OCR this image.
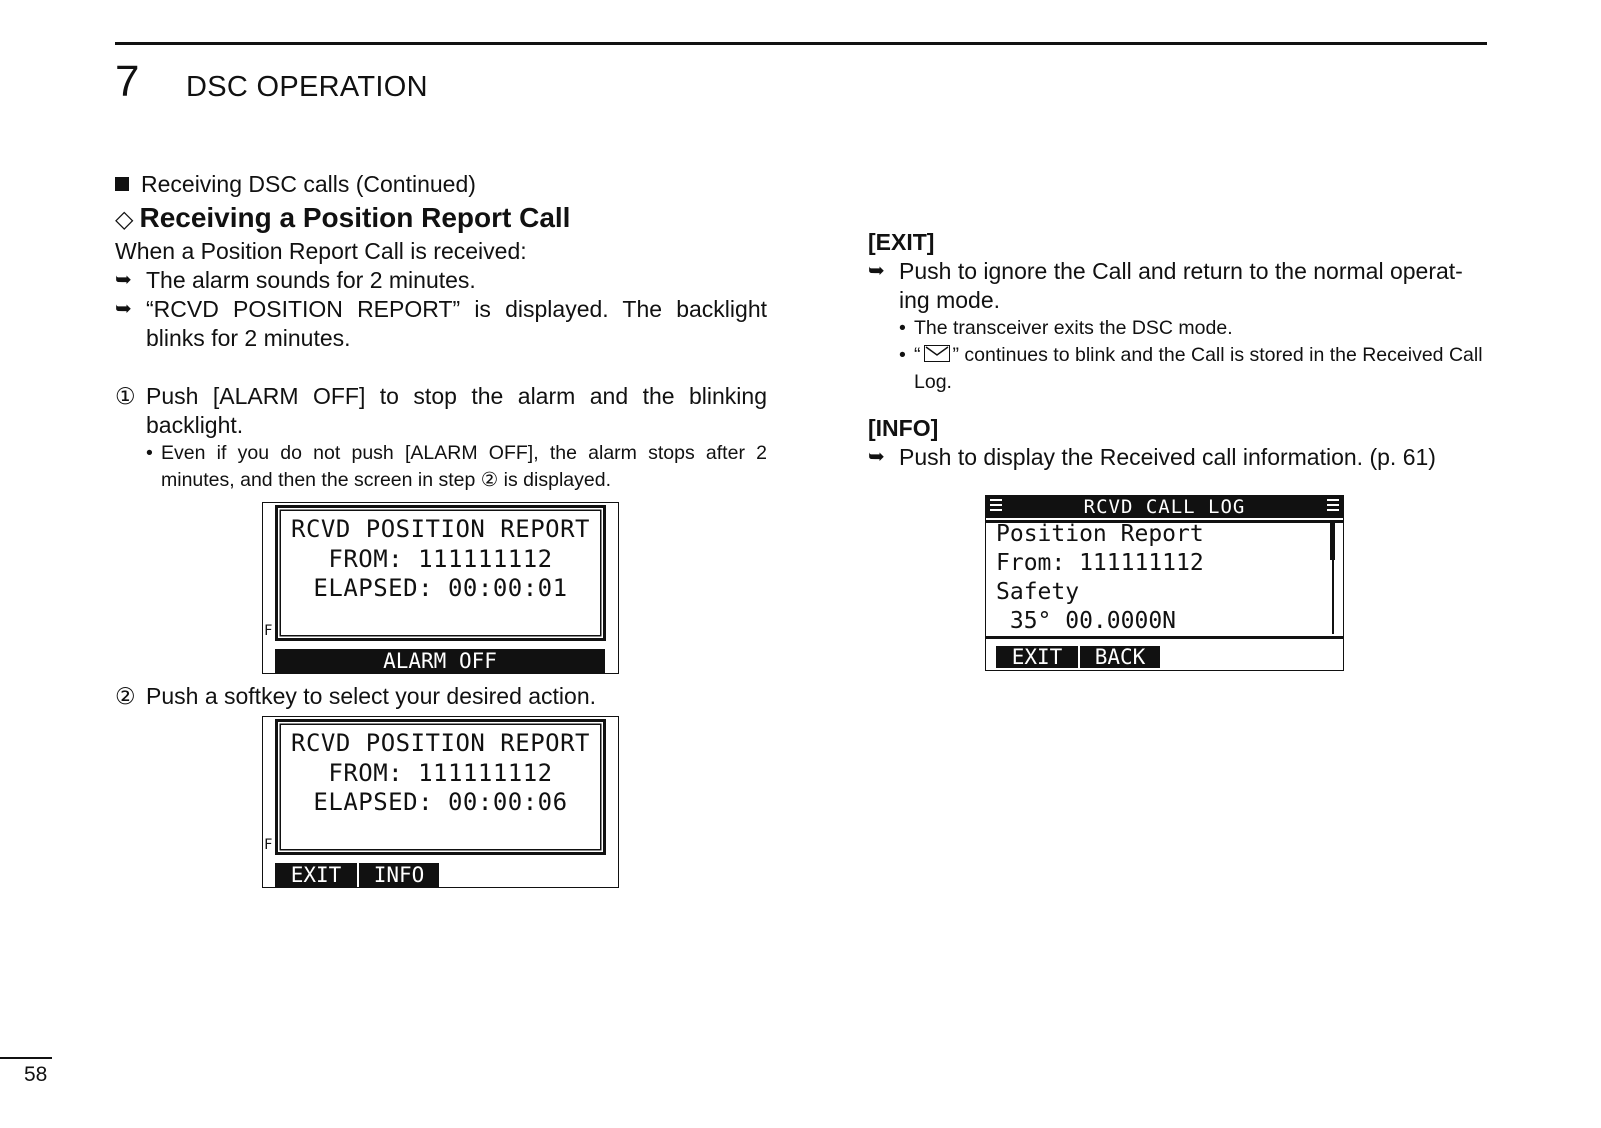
7 DSC OPERATION
Receiving DSC calls (Continued)
◇ Receiving a Position Report Call
When a Position Report Call is received:
➥ The alarm sounds for 2 minutes.
➥ “RCVD POSITION REPORT” is displayed. The backlight blinks for 2 minutes.
① Push [ALARM OFF] to stop the alarm and the blinking backlight.
• Even if you do not push [ALARM OFF], the alarm stops after 2 minutes, and then the screen in step ② is displayed.
RCVD POSITION REPORT
FROM: 111111112
ELAPSED: 00:00:01
F
ALARM OFF
② Push a softkey to select your desired action.
RCVD POSITION REPORT
FROM: 111111112
ELAPSED: 00:00:06
F
EXIT	INFO
[EXIT]
➥ Push to ignore the Call and return to the normal operat-ing mode.
• The transceiver exits the DSC mode.
• “ ” continues to blink and the Call is stored in the Received Call Log.
[INFO]
➥ Push to display the Received call information. (p. 61)
RCVD CALL LOG
Position Report
From: 111111112
Safety
35° 00.0000N
EXIT	BACK
58
